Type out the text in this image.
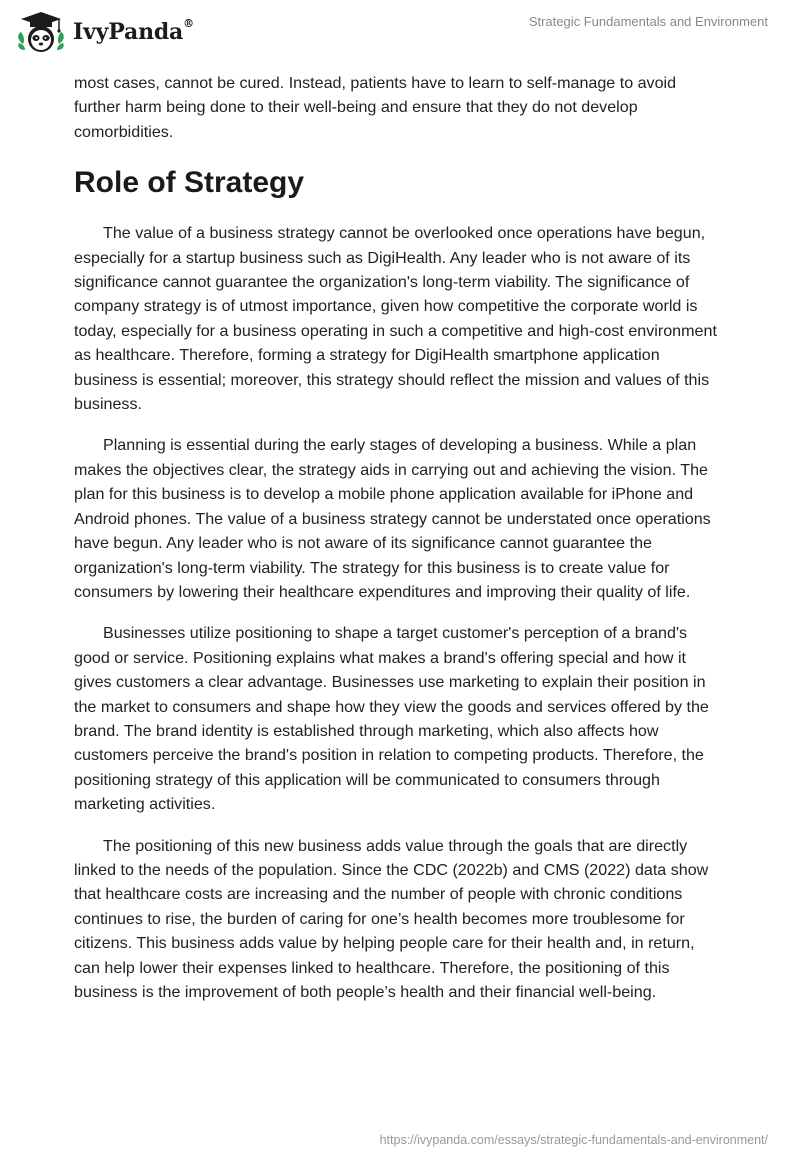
IvyPanda®	Strategic Fundamentals and Environment

most cases, cannot be cured. Instead, patients have to learn to self-manage to avoid further harm being done to their well-being and ensure that they do not develop comorbidities.

Role of Strategy

The value of a business strategy cannot be overlooked once operations have begun, especially for a startup business such as DigiHealth. Any leader who is not aware of its significance cannot guarantee the organization's long-term viability. The significance of company strategy is of utmost importance, given how competitive the corporate world is today, especially for a business operating in such a competitive and high-cost environment as healthcare. Therefore, forming a strategy for DigiHealth smartphone application business is essential; moreover, this strategy should reflect the mission and values of this business.

Planning is essential during the early stages of developing a business. While a plan makes the objectives clear, the strategy aids in carrying out and achieving the vision. The plan for this business is to develop a mobile phone application available for iPhone and Android phones. The value of a business strategy cannot be understated once operations have begun. Any leader who is not aware of its significance cannot guarantee the organization's long-term viability. The strategy for this business is to create value for consumers by lowering their healthcare expenditures and improving their quality of life.

Businesses utilize positioning to shape a target customer's perception of a brand's good or service. Positioning explains what makes a brand's offering special and how it gives customers a clear advantage. Businesses use marketing to explain their position in the market to consumers and shape how they view the goods and services offered by the brand. The brand identity is established through marketing, which also affects how customers perceive the brand's position in relation to competing products. Therefore, the positioning strategy of this application will be communicated to consumers through marketing activities.

The positioning of this new business adds value through the goals that are directly linked to the needs of the population. Since the CDC (2022b) and CMS (2022) data show that healthcare costs are increasing and the number of people with chronic conditions continues to rise, the burden of caring for one’s health becomes more troublesome for citizens. This business adds value by helping people care for their health and, in return, can help lower their expenses linked to healthcare. Therefore, the positioning of this business is the improvement of both people’s health and their financial well-being.

https://ivypanda.com/essays/strategic-fundamentals-and-environment/
